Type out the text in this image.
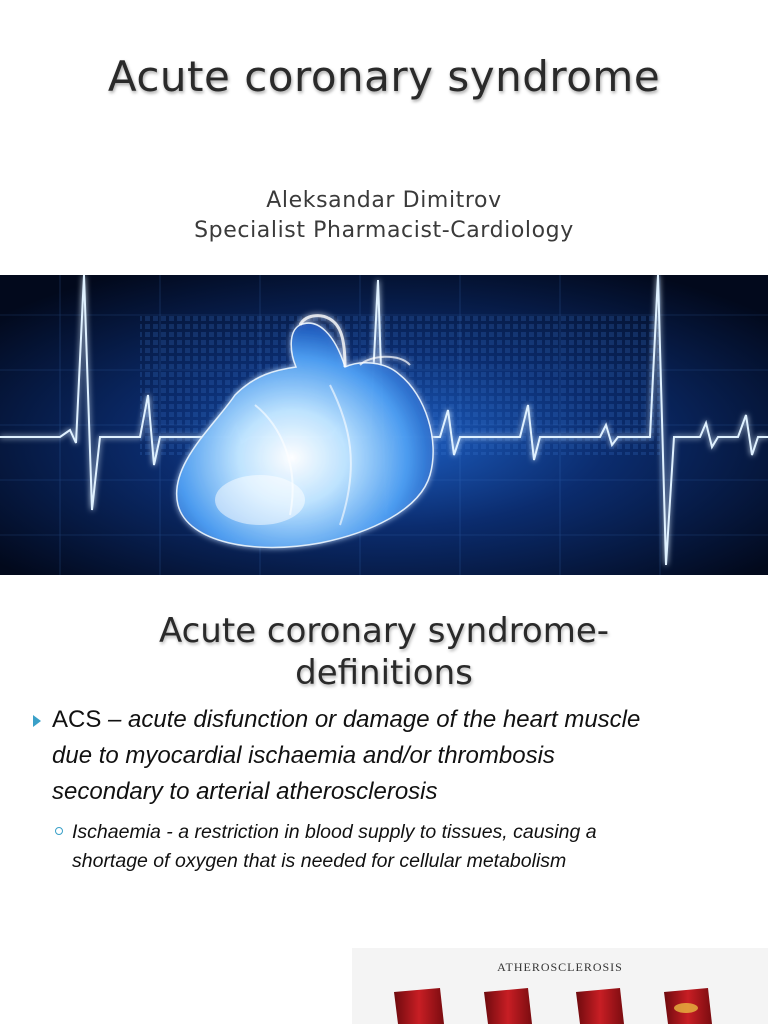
Acute coronary syndrome
Aleksandar Dimitrov
Specialist Pharmacist-Cardiology
Acute coronary syndrome-
definitions
ACS – acute disfunction or damage of the heart muscle due to myocardial ischaemia and/or thrombosis secondary to arterial atherosclerosis
Ischaemia - a restriction in blood supply to tissues, causing a shortage of oxygen that is needed for cellular metabolism
ATHEROSCLEROSIS
